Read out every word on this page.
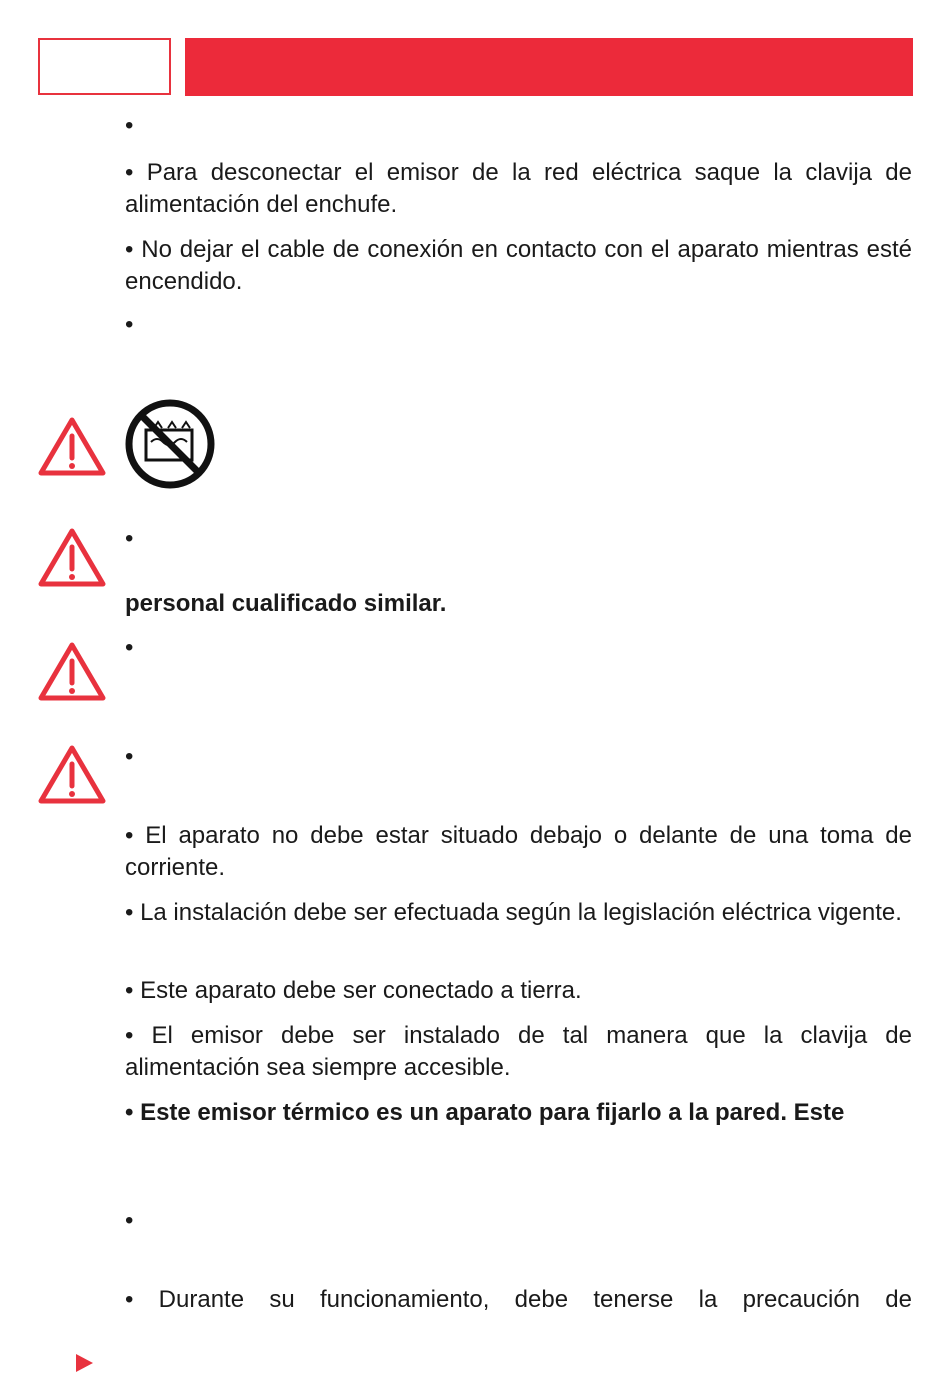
•

• Para desconectar el emisor de la red eléctrica saque la clavija de alimentación del enchufe.

• No dejar el cable de conexión en contacto con el aparato mientras esté encendido.

•
•

personal cualificado similar.

•
•

• El aparato no debe estar situado debajo o delante de una toma de corriente.

• La instalación debe ser efectuada según la legislación eléctrica vigente.

• Este aparato debe ser conectado a tierra.

• El emisor debe ser instalado de tal manera que la clavija de alimentación sea siempre accesible.

• Este emisor térmico es un aparato para fijarlo a la pared. Este

•

• Durante su funcionamiento, debe tenerse la precaución de
